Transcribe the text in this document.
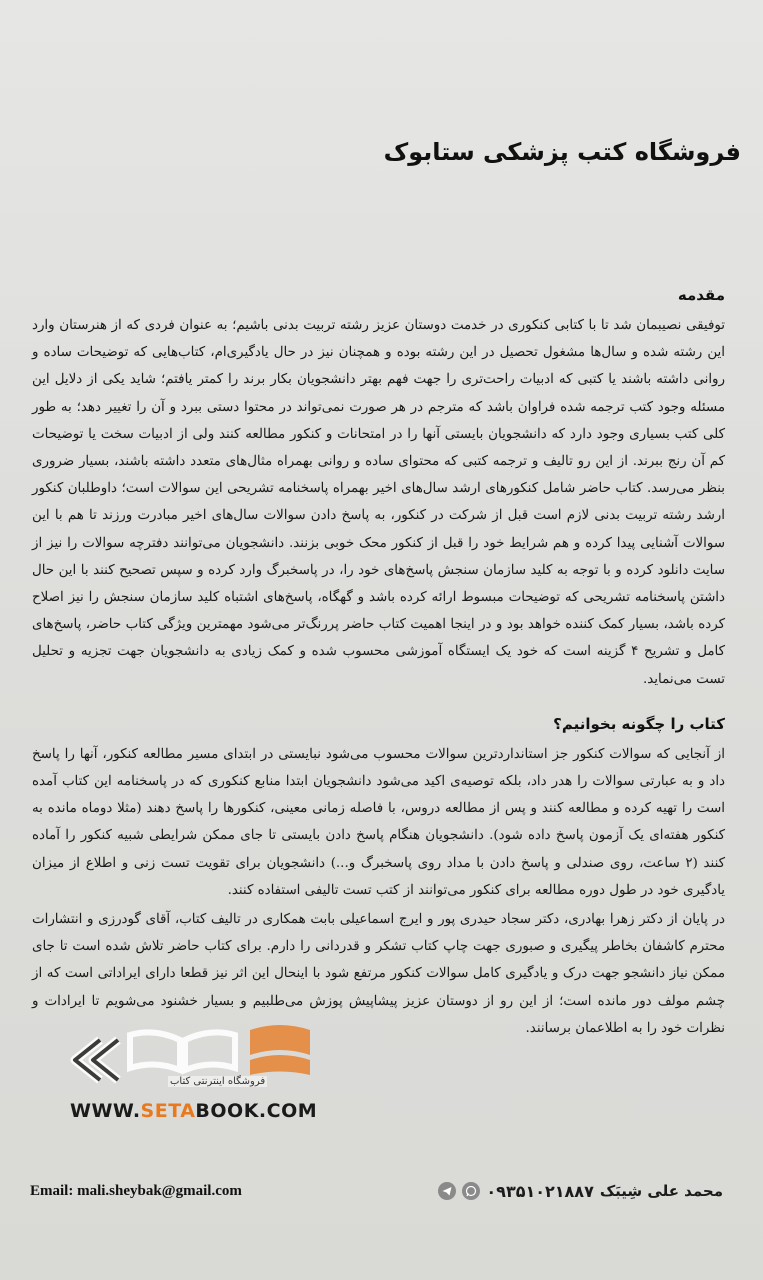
فروشگاه کتب پزشکی ستابوک
مقدمه

توفیقی نصیبمان شد تا با کتابی کنکوری در خدمت دوستان عزیز رشته تربیت بدنی باشیم؛ به عنوان فردی که از هنرستان وارد این رشته شده و سال‌ها مشغول تحصیل در این رشته بوده و همچنان نیز در حال یادگیری‌ام، کتاب‌هایی که توضیحات ساده و روانی داشته باشند یا کتبی که ادبیات راحت‌تری را جهت فهم بهتر دانشجویان بکار برند را کمتر یافتم؛ شاید یکی از دلایل این مسئله وجود کتب ترجمه شده فراوان باشد که مترجم در هر صورت نمی‌تواند در محتوا دستی ببرد و آن را تغییر دهد؛ به طور کلی کتب بسیاری وجود دارد که دانشجویان بایستی آنها را در امتحانات و کنکور مطالعه کنند ولی از ادبیات سخت یا توضیحات کم آن رنج ببرند. از این رو تالیف و ترجمه کتبی که محتوای ساده و روانی بهمراه مثال‌های متعدد داشته باشند، بسیار ضروری بنظر می‌رسد. کتاب حاضر شامل کنکورهای ارشد سال‌های اخیر بهمراه پاسخنامه تشریحی این سوالات است؛ داوطلبان کنکور ارشد رشته تربیت بدنی لازم است قبل از شرکت در کنکور، به پاسخ دادن سوالات سال‌های اخیر مبادرت ورزند تا هم با این سوالات آشنایی پیدا کرده و هم شرایط خود را قبل از کنکور محک خوبی بزنند. دانشجویان می‌توانند دفترچه سوالات را نیز از سایت دانلود کرده و با توجه به کلید سازمان سنجش پاسخ‌های خود را، در پاسخبرگ وارد کرده و سپس تصحیح کنند با این حال داشتن پاسخنامه تشریحی که توضیحات مبسوط ارائه کرده باشد و گهگاه، پاسخ‌های اشتباه کلید سازمان سنجش را نیز اصلاح کرده باشد، بسیار کمک کننده خواهد بود و در اینجا اهمیت کتاب حاضر پررنگ‌تر می‌شود مهمترین ویژگی کتاب حاضر، پاسخ‌های کامل و تشریح ۴ گزینه است که خود یک ایستگاه آموزشی محسوب شده و کمک زیادی به دانشجویان جهت تجزیه و تحلیل تست می‌نماید.

کتاب را چگونه بخوانیم؟

از آنجایی که سوالات کنکور جز استانداردترین سوالات محسوب می‌شود نبایستی در ابتدای مسیر مطالعه کنکور، آنها را پاسخ داد و به عبارتی سوالات را هدر داد، بلکه توصیه‌ی اکید می‌شود دانشجویان ابتدا منابع کنکوری که در پاسخنامه این کتاب آمده است را تهیه کرده و مطالعه کنند و پس از مطالعه دروس، با فاصله زمانی معینی، کنکورها را پاسخ دهند (مثلا دوماه مانده به کنکور هفته‌ای یک آزمون پاسخ داده شود). دانشجویان هنگام پاسخ دادن بایستی تا جای ممکن شرایطی شبیه کنکور را آماده کنند (۲ ساعت، روی صندلی و پاسخ دادن با مداد روی پاسخبرگ و...) دانشجویان برای تقویت تست زنی و اطلاع از میزان یادگیری خود در طول دوره مطالعه برای کنکور می‌توانند از کتب تست تالیفی استفاده کنند.

در پایان از دکتر زهرا بهادری، دکتر سجاد حیدری پور و ایرج اسماعیلی بابت همکاری در تالیف کتاب، آقای گودرزی و انتشارات محترم کاشفان بخاطر پیگیری و صبوری جهت چاپ کتاب تشکر و قدردانی را دارم. برای کتاب حاضر تلاش شده است تا جای ممکن نیاز دانشجو جهت درک و یادگیری کامل سوالات کنکور مرتفع شود با اینحال این اثر نیز قطعا دارای ایراداتی است که از چشم مولف دور مانده است؛ از این رو از دوستان عزیز پیشاپیش پوزش می‌طلبیم و بسیار خشنود می‌شویم تا ایرادات و نظرات خود را به اطلاعمان برسانند.

فروشگاه اینترنتی کتاب
WWW.SETABOOK.COM
Email: mali.sheybak@gmail.com	محمد علی شِیبَک
۰۹۳۵۱۰۲۱۸۸۷
